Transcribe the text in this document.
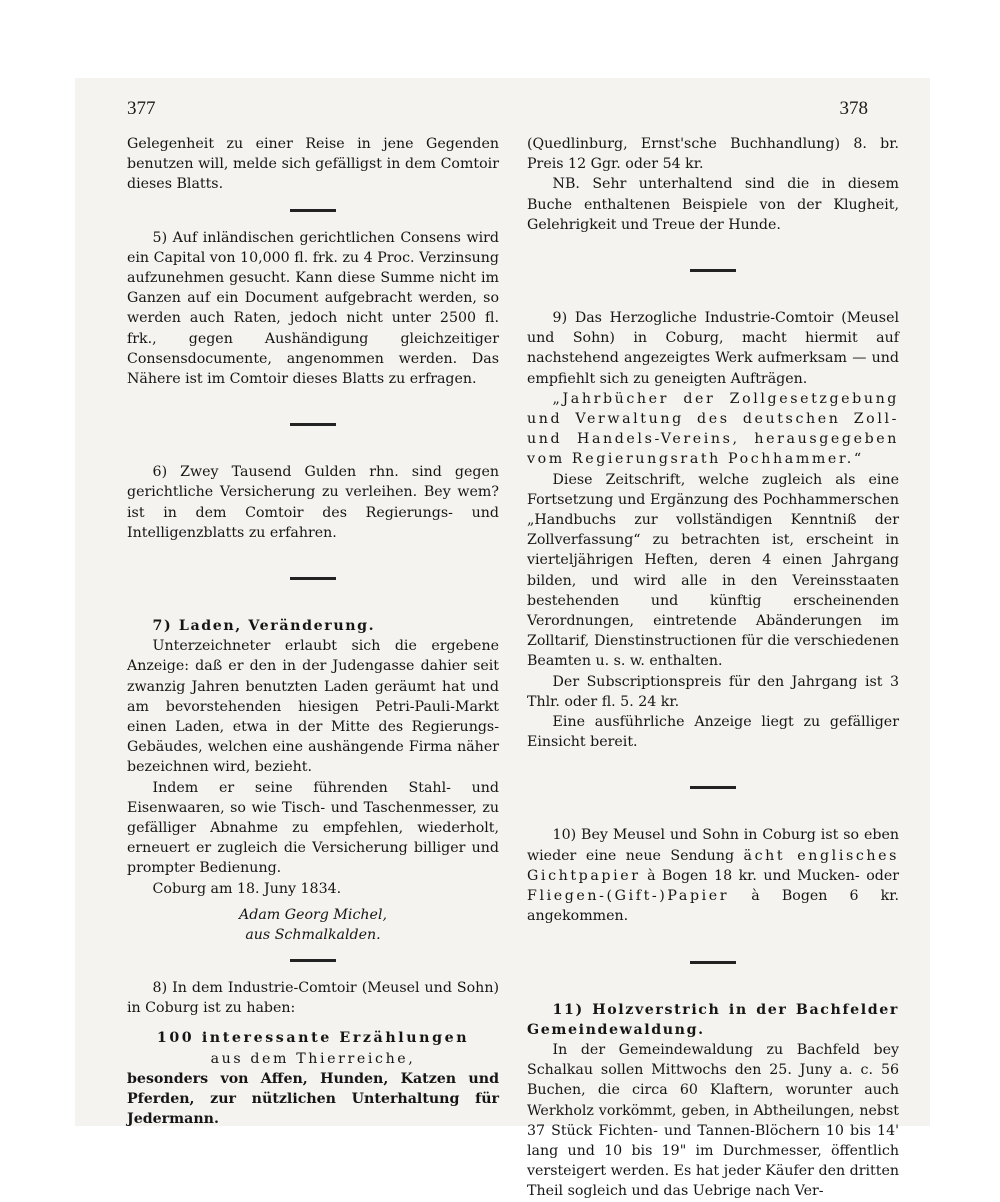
377	378

Gelegenheit zu einer Reise in jene Gegenden benutzen will, melde sich gefälligst in dem Comtoir dieses Blatts.

5) Auf inländischen gerichtlichen Consens wird ein Capital von 10,000 fl. frk. zu 4 Proc. Verzinsung aufzunehmen gesucht. Kann diese Summe nicht im Ganzen auf ein Document aufgebracht werden, so werden auch Raten, jedoch nicht unter 2500 fl. frk., gegen Aushändigung gleichzeitiger Consensdocumente, angenommen werden. Das Nähere ist im Comtoir dieses Blatts zu erfragen.

6) Zwey Tausend Gulden rhn. sind gegen gerichtliche Versicherung zu verleihen. Bey wem? ist in dem Comtoir des Regierungs- und Intelligenzblatts zu erfahren.

7) Laden, Veränderung.

Unterzeichneter erlaubt sich die ergebene Anzeige: daß er den in der Judengasse dahier seit zwanzig Jahren benutzten Laden geräumt hat und am bevorstehenden hiesigen Petri-Pauli-Markt einen Laden, etwa in der Mitte des Regierungs-Gebäudes, welchen eine aushängende Firma näher bezeichnen wird, bezieht.

Indem er seine führenden Stahl- und Eisenwaaren, so wie Tisch- und Taschenmesser, zu gefälliger Abnahme zu empfehlen, wiederholt, erneuert er zugleich die Versicherung billiger und prompter Bedienung.

Coburg am 18. Juny 1834.

Adam Georg Michel,
aus Schmalkalden.

8) In dem Industrie-Comtoir (Meusel und Sohn) in Coburg ist zu haben:

100 interessante Erzählungen

aus dem Thierreiche,

besonders von Affen, Hunden, Katzen und Pferden, zur nützlichen Unterhaltung für Jedermann.

(Quedlinburg, Ernst'sche Buchhandlung) 8. br. Preis 12 Ggr. oder 54 kr.

NB. Sehr unterhaltend sind die in diesem Buche enthaltenen Beispiele von der Klugheit, Gelehrigkeit und Treue der Hunde.

9) Das Herzogliche Industrie-Comtoir (Meusel und Sohn) in Coburg, macht hiermit auf nachstehend angezeigtes Werk aufmerksam — und empfiehlt sich zu geneigten Aufträgen.

„Jahrbücher der Zollgesetzgebung und Verwaltung des deutschen Zoll- und Handels-Vereins, herausgegeben vom Regierungsrath Pochhammer.“

Diese Zeitschrift, welche zugleich als eine Fortsetzung und Ergänzung des Pochhammerschen „Handbuchs zur vollständigen Kenntniß der Zollverfassung“ zu betrachten ist, erscheint in vierteljährigen Heften, deren 4 einen Jahrgang bilden, und wird alle in den Vereinsstaaten bestehenden und künftig erscheinenden Verordnungen, eintretende Abänderungen im Zolltarif, Dienstinstructionen für die verschiedenen Beamten u. s. w. enthalten.

Der Subscriptionspreis für den Jahrgang ist 3 Thlr. oder fl. 5. 24 kr.

Eine ausführliche Anzeige liegt zu gefälliger Einsicht bereit.

10) Bey Meusel und Sohn in Coburg ist so eben wieder eine neue Sendung ächt englisches Gichtpapier à Bogen 18 kr. und Mucken- oder Fliegen-(Gift-)Papier à Bogen 6 kr. angekommen.

11) Holzverstrich in der Bachfelder Gemeindewaldung.

In der Gemeindewaldung zu Bachfeld bey Schalkau sollen Mittwochs den 25. Juny a. c. 56 Buchen, die circa 60 Klaftern, worunter auch Werkholz vorkömmt, geben, in Abtheilungen, nebst 37 Stück Fichten- und Tannen-Blöchern 10 bis 14' lang und 10 bis 19" im Durchmesser, öffentlich versteigert werden. Es hat jeder Käufer den dritten Theil sogleich und das Uebrige nach Ver-
